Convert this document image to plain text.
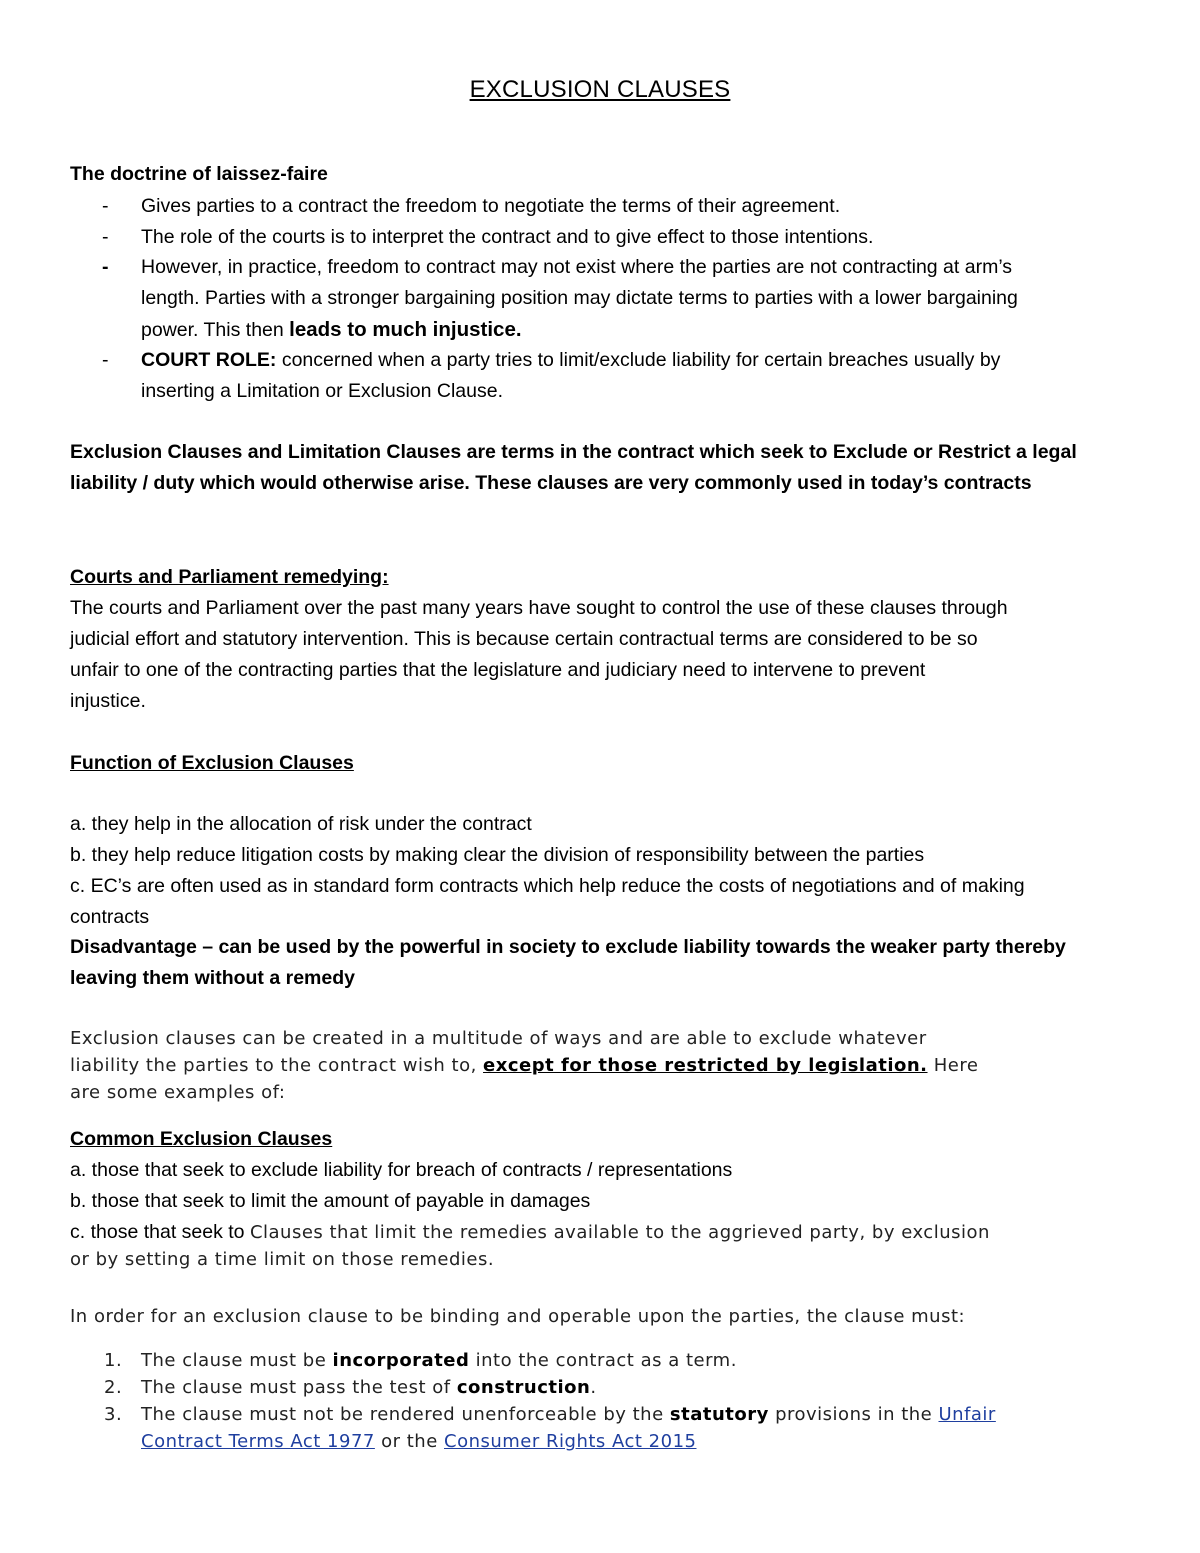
EXCLUSION CLAUSES
The doctrine of laissez-faire
- Gives parties to a contract the freedom to negotiate the terms of their agreement.
- The role of the courts is to interpret the contract and to give effect to those intentions.
- However, in practice, freedom to contract may not exist where the parties are not contracting at arm’s
length. Parties with a stronger bargaining position may dictate terms to parties with a lower bargaining
power. This then leads to much injustice.
- COURT ROLE: concerned when a party tries to limit/exclude liability for certain breaches usually by
inserting a Limitation or Exclusion Clause.
Exclusion Clauses and Limitation Clauses are terms in the contract which seek to Exclude or Restrict a legal
liability / duty which would otherwise arise. These clauses are very commonly used in today’s contracts
Courts and Parliament remedying:
The courts and Parliament over the past many years have sought to control the use of these clauses through
judicial effort and statutory intervention. This is because certain contractual terms are considered to be so
unfair to one of the contracting parties that the legislature and judiciary need to intervene to prevent
injustice.
Function of Exclusion Clauses
a. they help in the allocation of risk under the contract
b. they help reduce litigation costs by making clear the division of responsibility between the parties
c. EC’s are often used as in standard form contracts which help reduce the costs of negotiations and of making
contracts
Disadvantage – can be used by the powerful in society to exclude liability towards the weaker party thereby
leaving them without a remedy
Exclusion clauses can be created in a multitude of ways and are able to exclude whatever
liability the parties to the contract wish to, except for those restricted by legislation. Here
are some examples of:
Common Exclusion Clauses
a. those that seek to exclude liability for breach of contracts / representations
b. those that seek to limit the amount of payable in damages
c. those that seek to Clauses that limit the remedies available to the aggrieved party, by exclusion
or by setting a time limit on those remedies.
In order for an exclusion clause to be binding and operable upon the parties, the clause must:
1. The clause must be incorporated into the contract as a term.
2. The clause must pass the test of construction.
3. The clause must not be rendered unenforceable by the statutory provisions in the Unfair
Contract Terms Act 1977 or the Consumer Rights Act 2015
